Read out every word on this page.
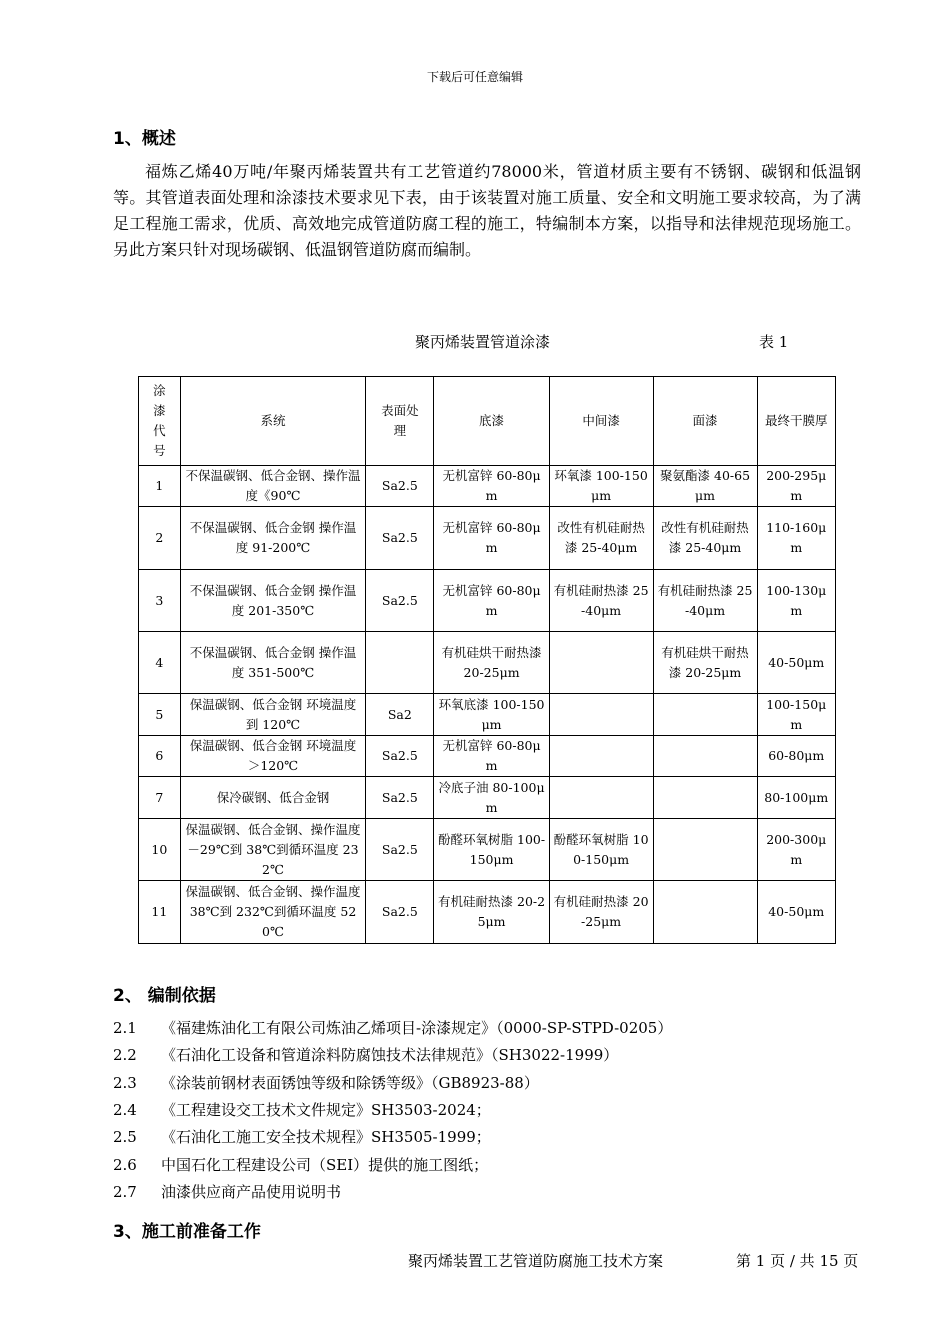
下载后可任意编辑
1、概述
福炼乙烯40万吨/年聚丙烯装置共有工艺管道约78000米，管道材质主要有不锈钢、碳钢和低温钢等。其管道表面处理和涂漆技术要求见下表，由于该装置对施工质量、安全和文明施工要求较高，为了满足工程施工需求，优质、高效地完成管道防腐工程的施工，特编制本方案，以指导和法律规范现场施工。另此方案只针对现场碳钢、低温钢管道防腐而编制。
聚丙烯装置管道涂漆	表 1
涂漆代号	系统	表面处理	底漆	中间漆	面漆	最终干膜厚
1	不保温碳钢、低合金钢、操作温度《90℃	Sa2.5	无机富锌 60-80μm	环氧漆 100-150μm	聚氨酯漆 40-65μm	200-295μm
2	不保温碳钢、低合金钢 操作温度 91-200℃	Sa2.5	无机富锌 60-80μm	改性有机硅耐热漆 25-40μm	改性有机硅耐热漆 25-40μm	110-160μm
3	不保温碳钢、低合金钢 操作温度 201-350℃	Sa2.5	无机富锌 60-80μm	有机硅耐热漆 25-40μm	有机硅耐热漆 25-40μm	100-130μm
4	不保温碳钢、低合金钢 操作温度 351-500℃		有机硅烘干耐热漆 20-25μm		有机硅烘干耐热漆 20-25μm	40-50μm
5	保温碳钢、低合金钢 环境温度到 120℃	Sa2	环氧底漆 100-150μm			100-150μm
6	保温碳钢、低合金钢 环境温度＞120℃	Sa2.5	无机富锌 60-80μm			60-80μm
7	保冷碳钢、低合金钢	Sa2.5	冷底子油 80-100μm			80-100μm
10	保温碳钢、低合金钢、操作温度－29℃到 38℃到循环温度 232℃	Sa2.5	酚醛环氧树脂 100-150μm	酚醛环氧树脂 100-150μm		200-300μm
11	保温碳钢、低合金钢、操作温度 38℃到 232℃到循环温度 520℃	Sa2.5	有机硅耐热漆 20-25μm	有机硅耐热漆 20-25μm		40-50μm
2、 编制依据
2.1 《福建炼油化工有限公司炼油乙烯项目-涂漆规定》（0000-SP-STPD-0205）
2.2 《石油化工设备和管道涂料防腐蚀技术法律规范》（SH3022-1999）
2.3 《涂装前钢材表面锈蚀等级和除锈等级》（GB8923-88）
2.4 《工程建设交工技术文件规定》SH3503-2024；
2.5 《石油化工施工安全技术规程》SH3505-1999；
2.6 中国石化工程建设公司（SEI）提供的施工图纸；
2.7 油漆供应商产品使用说明书
3、施工前准备工作
聚丙烯装置工艺管道防腐施工技术方案	第 1 页 / 共 15 页
